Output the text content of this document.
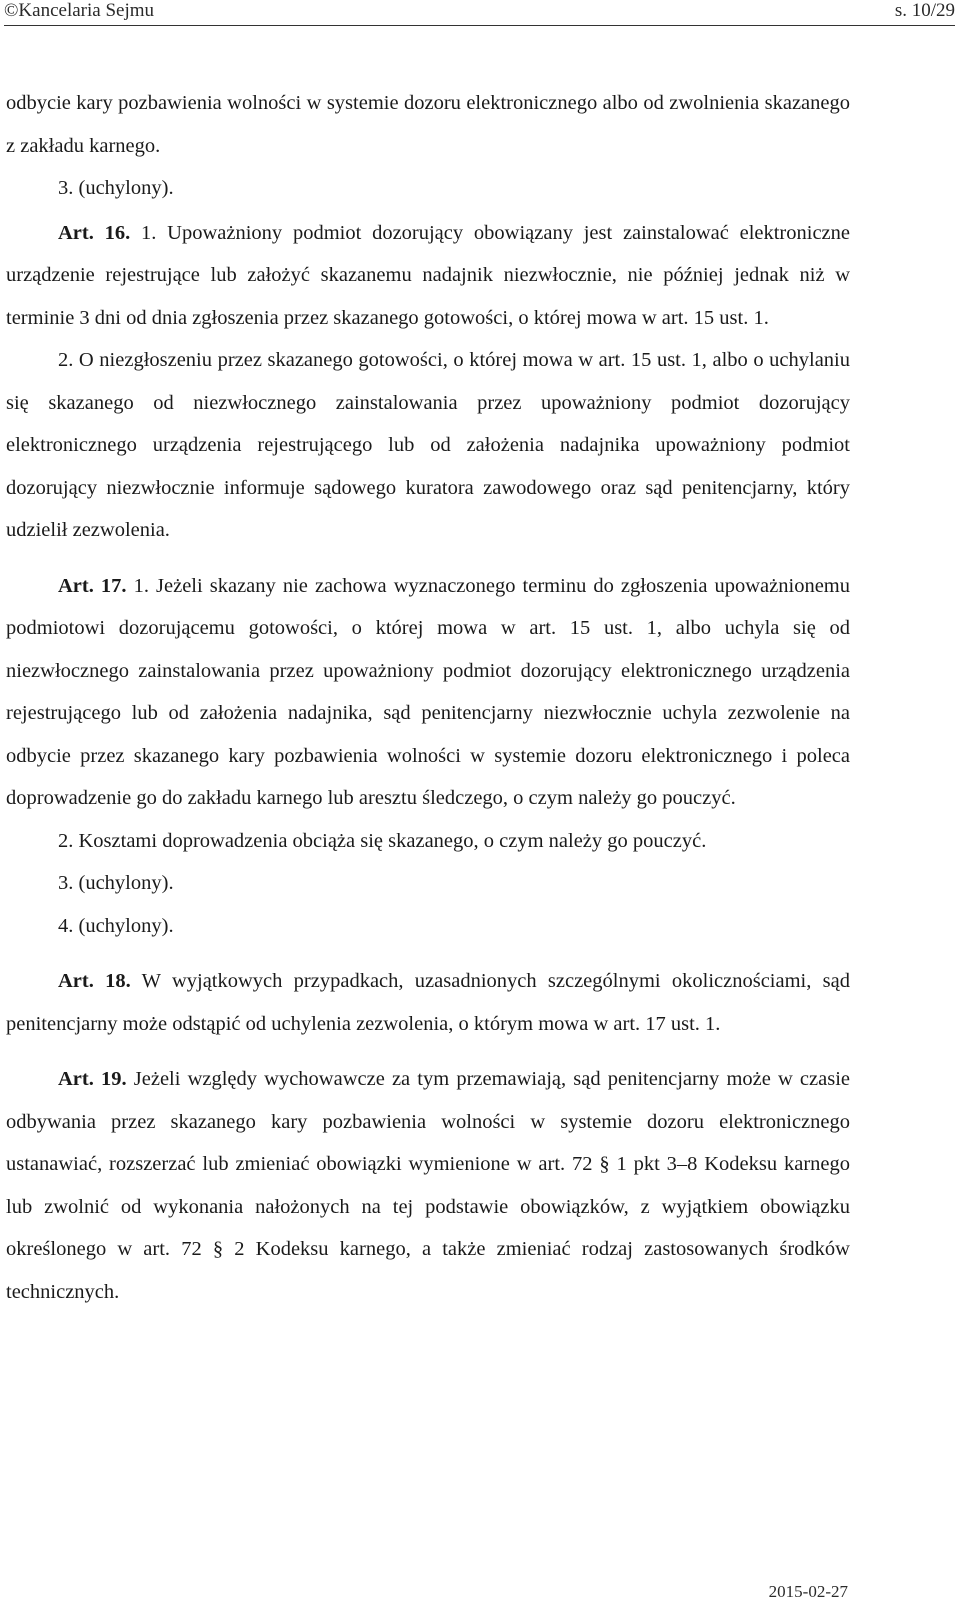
©Kancelaria Sejmu	s. 10/29

odbycie kary pozbawienia wolności w systemie dozoru elektronicznego albo od zwolnienia skazanego z zakładu karnego.

3. (uchylony).

Art. 16. 1. Upoważniony podmiot dozorujący obowiązany jest zainstalować elektroniczne urządzenie rejestrujące lub założyć skazanemu nadajnik niezwłocznie, nie później jednak niż w terminie 3 dni od dnia zgłoszenia przez skazanego gotowości, o której mowa w art. 15 ust. 1.

2. O niezgłoszeniu przez skazanego gotowości, o której mowa w art. 15 ust. 1, albo o uchylaniu się skazanego od niezwłocznego zainstalowania przez upoważniony podmiot dozorujący elektronicznego urządzenia rejestrującego lub od założenia nadajnika upoważniony podmiot dozorujący niezwłocznie informuje sądowego kuratora zawodowego oraz sąd penitencjarny, który udzielił zezwolenia.

Art. 17. 1. Jeżeli skazany nie zachowa wyznaczonego terminu do zgłoszenia upoważnionemu podmiotowi dozorującemu gotowości, o której mowa w art. 15 ust. 1, albo uchyla się od niezwłocznego zainstalowania przez upoważniony podmiot dozorujący elektronicznego urządzenia rejestrującego lub od założenia nadajnika, sąd penitencjarny niezwłocznie uchyla zezwolenie na odbycie przez skazanego kary pozbawienia wolności w systemie dozoru elektronicznego i poleca doprowadzenie go do zakładu karnego lub aresztu śledczego, o czym należy go pouczyć.

2. Kosztami doprowadzenia obciąża się skazanego, o czym należy go pouczyć.

3. (uchylony).

4. (uchylony).

Art. 18. W wyjątkowych przypadkach, uzasadnionych szczególnymi okolicznościami, sąd penitencjarny może odstąpić od uchylenia zezwolenia, o którym mowa w art. 17 ust. 1.

Art. 19. Jeżeli względy wychowawcze za tym przemawiają, sąd penitencjarny może w czasie odbywania przez skazanego kary pozbawienia wolności w systemie dozoru elektronicznego ustanawiać, rozszerzać lub zmieniać obowiązki wymienione w art. 72 § 1 pkt 3–8 Kodeksu karnego lub zwolnić od wykonania nałożonych na tej podstawie obowiązków, z wyjątkiem obowiązku określonego w art. 72 § 2 Kodeksu karnego, a także zmieniać rodzaj zastosowanych środków technicznych.

2015-02-27
